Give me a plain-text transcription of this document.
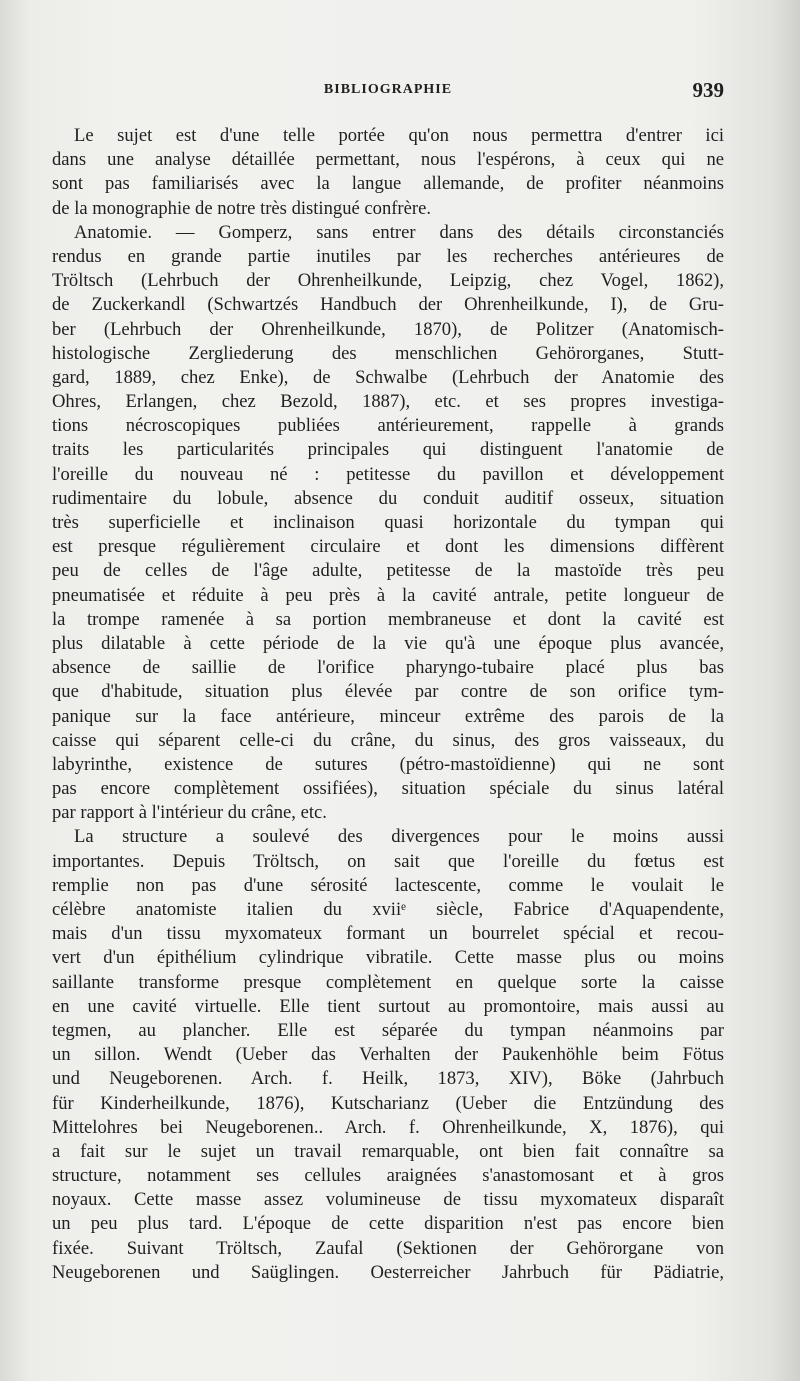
BIBLIOGRAPHIE	939
Le sujet est d'une telle portée qu'on nous permettra d'entrer ici
dans une analyse détaillée permettant, nous l'espérons, à ceux qui ne
sont pas familiarisés avec la langue allemande, de profiter néanmoins
de la monographie de notre très distingué confrère.
Anatomie. — Gomperz, sans entrer dans des détails circonstanciés
rendus en grande partie inutiles par les recherches antérieures de
Tröltsch (Lehrbuch der Ohrenheilkunde, Leipzig, chez Vogel, 1862),
de Zuckerkandl (Schwartzés Handbuch der Ohrenheilkunde, I), de Gru-
ber (Lehrbuch der Ohrenheilkunde, 1870), de Politzer (Anatomisch-
histologische Zergliederung des menschlichen Gehörorganes, Stutt-
gard, 1889, chez Enke), de Schwalbe (Lehrbuch der Anatomie des
Ohres, Erlangen, chez Bezold, 1887), etc. et ses propres investiga-
tions nécroscopiques publiées antérieurement, rappelle à grands
traits les particularités principales qui distinguent l'anatomie de
l'oreille du nouveau né : petitesse du pavillon et développement
rudimentaire du lobule, absence du conduit auditif osseux, situation
très superficielle et inclinaison quasi horizontale du tympan qui
est presque régulièrement circulaire et dont les dimensions diffèrent
peu de celles de l'âge adulte, petitesse de la mastoïde très peu
pneumatisée et réduite à peu près à la cavité antrale, petite longueur de
la trompe ramenée à sa portion membraneuse et dont la cavité est
plus dilatable à cette période de la vie qu'à une époque plus avancée,
absence de saillie de l'orifice pharyngo-tubaire placé plus bas
que d'habitude, situation plus élevée par contre de son orifice tym-
panique sur la face antérieure, minceur extrême des parois de la
caisse qui séparent celle-ci du crâne, du sinus, des gros vaisseaux, du
labyrinthe, existence de sutures (pétro-mastoïdienne) qui ne sont
pas encore complètement ossifiées), situation spéciale du sinus latéral
par rapport à l'intérieur du crâne, etc.
La structure a soulevé des divergences pour le moins aussi
importantes. Depuis Tröltsch, on sait que l'oreille du fœtus est
remplie non pas d'une sérosité lactescente, comme le voulait le
célèbre anatomiste italien du xviiᵉ siècle, Fabrice d'Aquapendente,
mais d'un tissu myxomateux formant un bourrelet spécial et recou-
vert d'un épithélium cylindrique vibratile. Cette masse plus ou moins
saillante transforme presque complètement en quelque sorte la caisse
en une cavité virtuelle. Elle tient surtout au promontoire, mais aussi au
tegmen, au plancher. Elle est séparée du tympan néanmoins par
un sillon. Wendt (Ueber das Verhalten der Paukenhöhle beim Fötus
und Neugeborenen. Arch. f. Heilk, 1873, XIV), Böke (Jahrbuch
für Kinderheilkunde, 1876), Kutscharianz (Ueber die Entzündung des
Mittelohres bei Neugeborenen.. Arch. f. Ohrenheilkunde, X, 1876), qui
a fait sur le sujet un travail remarquable, ont bien fait connaître sa
structure, notamment ses cellules araignées s'anastomosant et à gros
noyaux. Cette masse assez volumineuse de tissu myxomateux disparaît
un peu plus tard. L'époque de cette disparition n'est pas encore bien
fixée. Suivant Tröltsch, Zaufal (Sektionen der Gehörorgane von
Neugeborenen und Saüglingen. Oesterreicher Jahrbuch für Pädiatrie,
